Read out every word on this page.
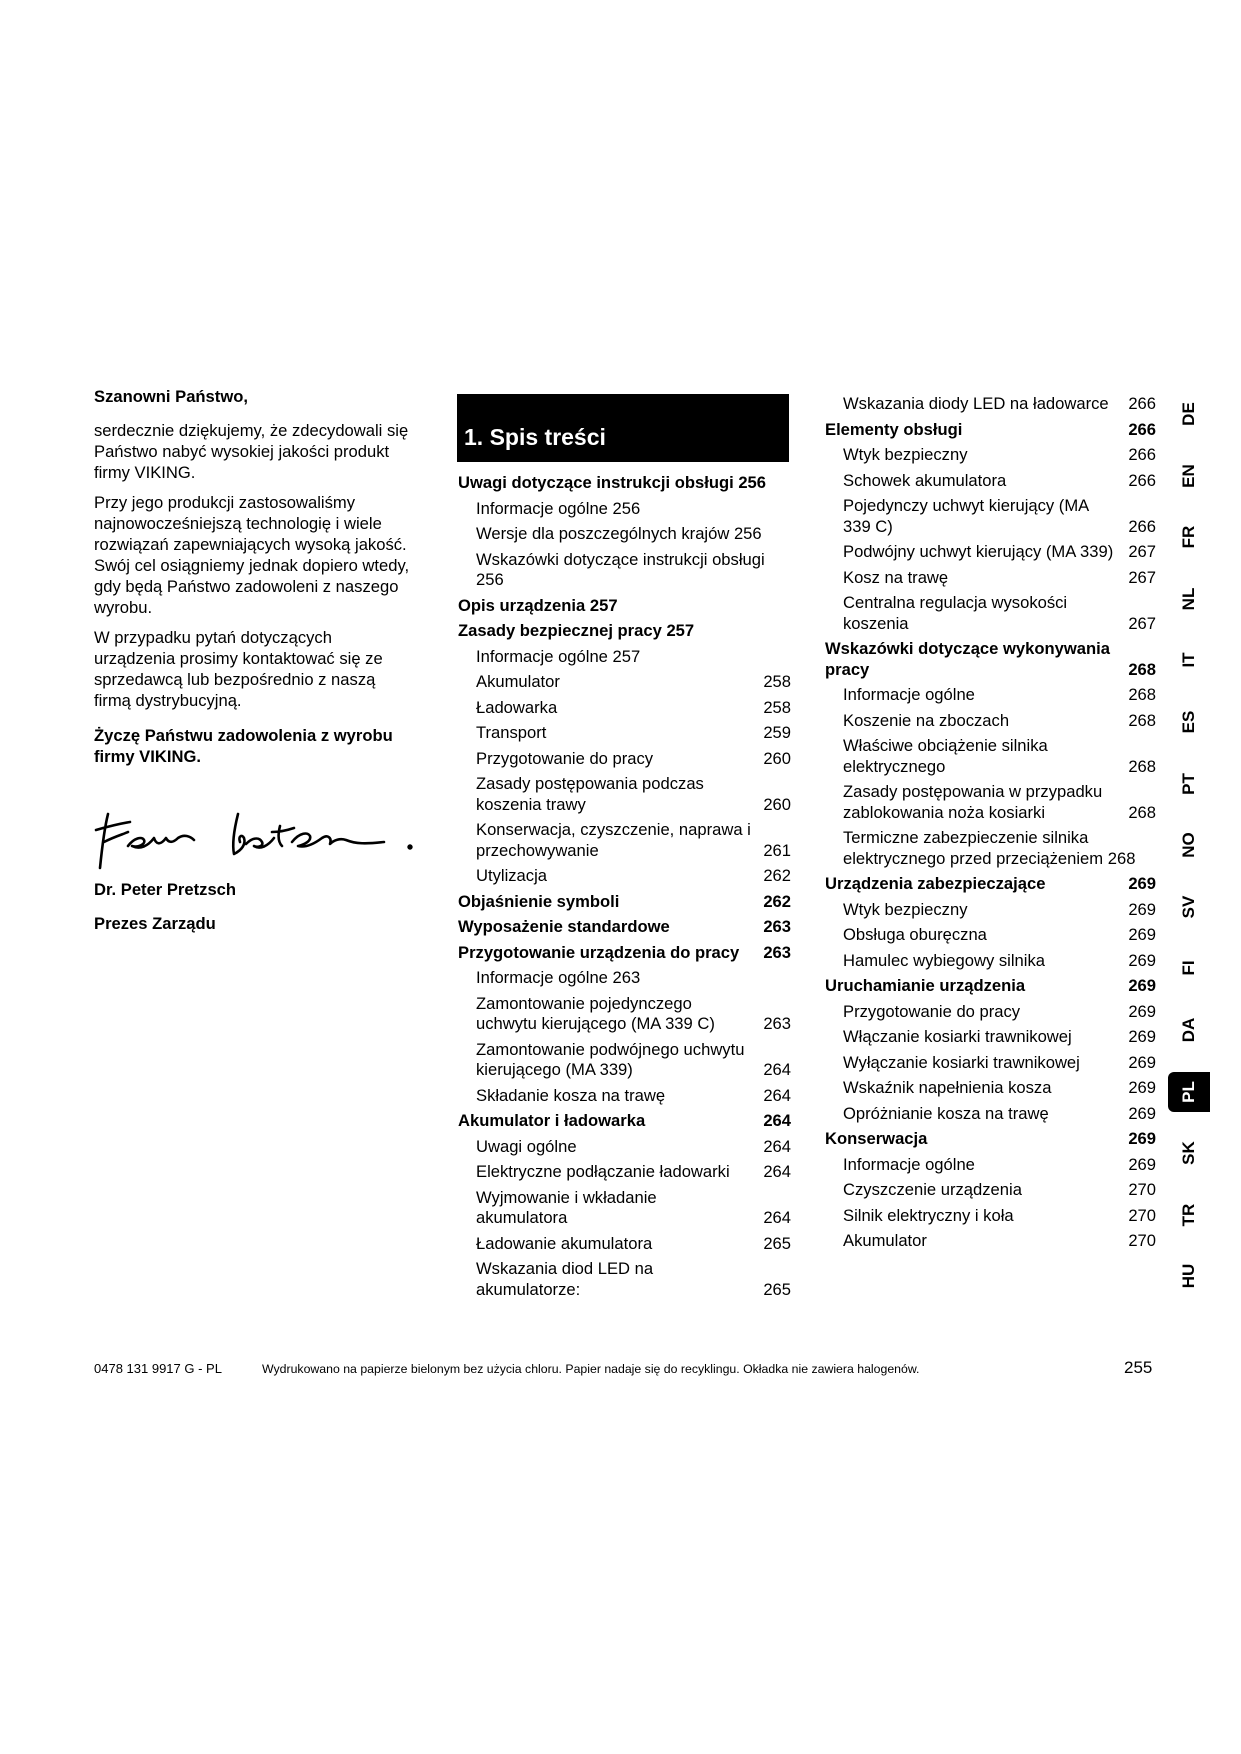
Szanowni Państwo,

serdecznie dziękujemy, że zdecydowali się Państwo nabyć wysokiej jakości produkt firmy VIKING.

Przy jego produkcji zastosowaliśmy najnowocześniejszą technologię i wiele rozwiązań zapewniających wysoką jakość. Swój cel osiągniemy jednak dopiero wtedy, gdy będą Państwo zadowoleni z naszego wyrobu.

W przypadku pytań dotyczących urządzenia prosimy kontaktować się ze sprzedawcą lub bezpośrednio z naszą firmą dystrybucyjną.

Życzę Państwu zadowolenia z wyrobu firmy VIKING.

Dr. Peter Pretzsch
Prezes Zarządu
1. Spis treści
Uwagi dotyczące instrukcji obsługi 256
Informacje ogólne 256
Wersje dla poszczególnych krajów 256
Wskazówki dotyczące instrukcji obsługi 256
Opis urządzenia 257
Zasady bezpiecznej pracy 257
Informacje ogólne 257
Akumulator	258
Ładowarka	258
Transport	259
Przygotowanie do pracy	260
Zasady postępowania podczas koszenia trawy	260
Konserwacja, czyszczenie, naprawa i przechowywanie	261
Utylizacja	262
Objaśnienie symboli	262
Wyposażenie standardowe	263
Przygotowanie urządzenia do pracy 263
Informacje ogólne 263
Zamontowanie pojedynczego uchwytu kierującego (MA 339 C)	263
Zamontowanie podwójnego uchwytu kierującego (MA 339)	264
Składanie kosza na trawę	264
Akumulator i ładowarka	264
Uwagi ogólne	264
Elektryczne podłączanie ładowarki 264
Wyjmowanie i wkładanie akumulatora	264
Ładowanie akumulatora	265
Wskazania diod LED na akumulatorze:	265
Wskazania diody LED na ładowarce 266
Elementy obsługi	266
Wtyk bezpieczny	266
Schowek akumulatora	266
Pojedynczy uchwyt kierujący (MA 339 C)	266
Podwójny uchwyt kierujący (MA 339) 267
Kosz na trawę	267
Centralna regulacja wysokości koszenia	267
Wskazówki dotyczące wykonywania pracy	268
Informacje ogólne	268
Koszenie na zboczach	268
Właściwe obciążenie silnika elektrycznego	268
Zasady postępowania w przypadku zablokowania noża kosiarki	268
Termiczne zabezpieczenie silnika elektrycznego przed przeciążeniem 268
Urządzenia zabezpieczające	269
Wtyk bezpieczny	269
Obsługa oburęczna	269
Hamulec wybiegowy silnika	269
Uruchamianie urządzenia	269
Przygotowanie do pracy	269
Włączanie kosiarki trawnikowej	269
Wyłączanie kosiarki trawnikowej	269
Wskaźnik napełnienia kosza	269
Opróżnianie kosza na trawę	269
Konserwacja	269
Informacje ogólne	269
Czyszczenie urządzenia	270
Silnik elektryczny i koła	270
Akumulator	270
DE
EN
FR
NL
IT
ES
PT
NO
SV
FI
DA
PL
SK
TR
HU
0478 131 9917 G - PL	Wydrukowano na papierze bielonym bez użycia chloru. Papier nadaje się do recyklingu. Okładka nie zawiera halogenów.	255
